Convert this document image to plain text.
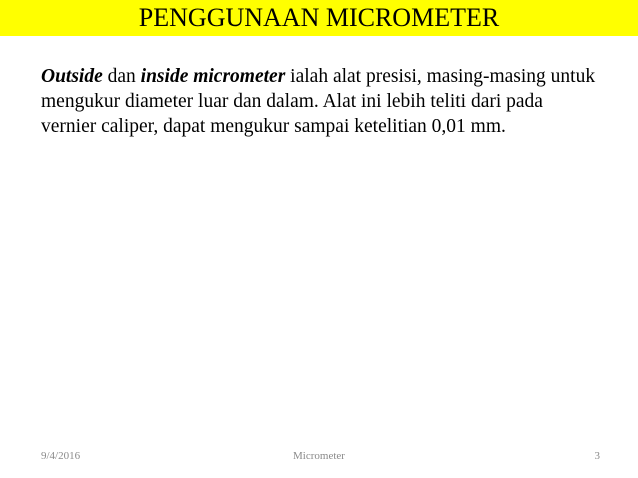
PENGGUNAAN MICROMETER

Outside dan inside micrometer ialah alat presisi, masing-masing untuk mengukur diameter luar dan dalam. Alat ini lebih teliti dari pada vernier caliper, dapat mengukur sampai ketelitian 0,01 mm.

9/4/2016	Micrometer	3
